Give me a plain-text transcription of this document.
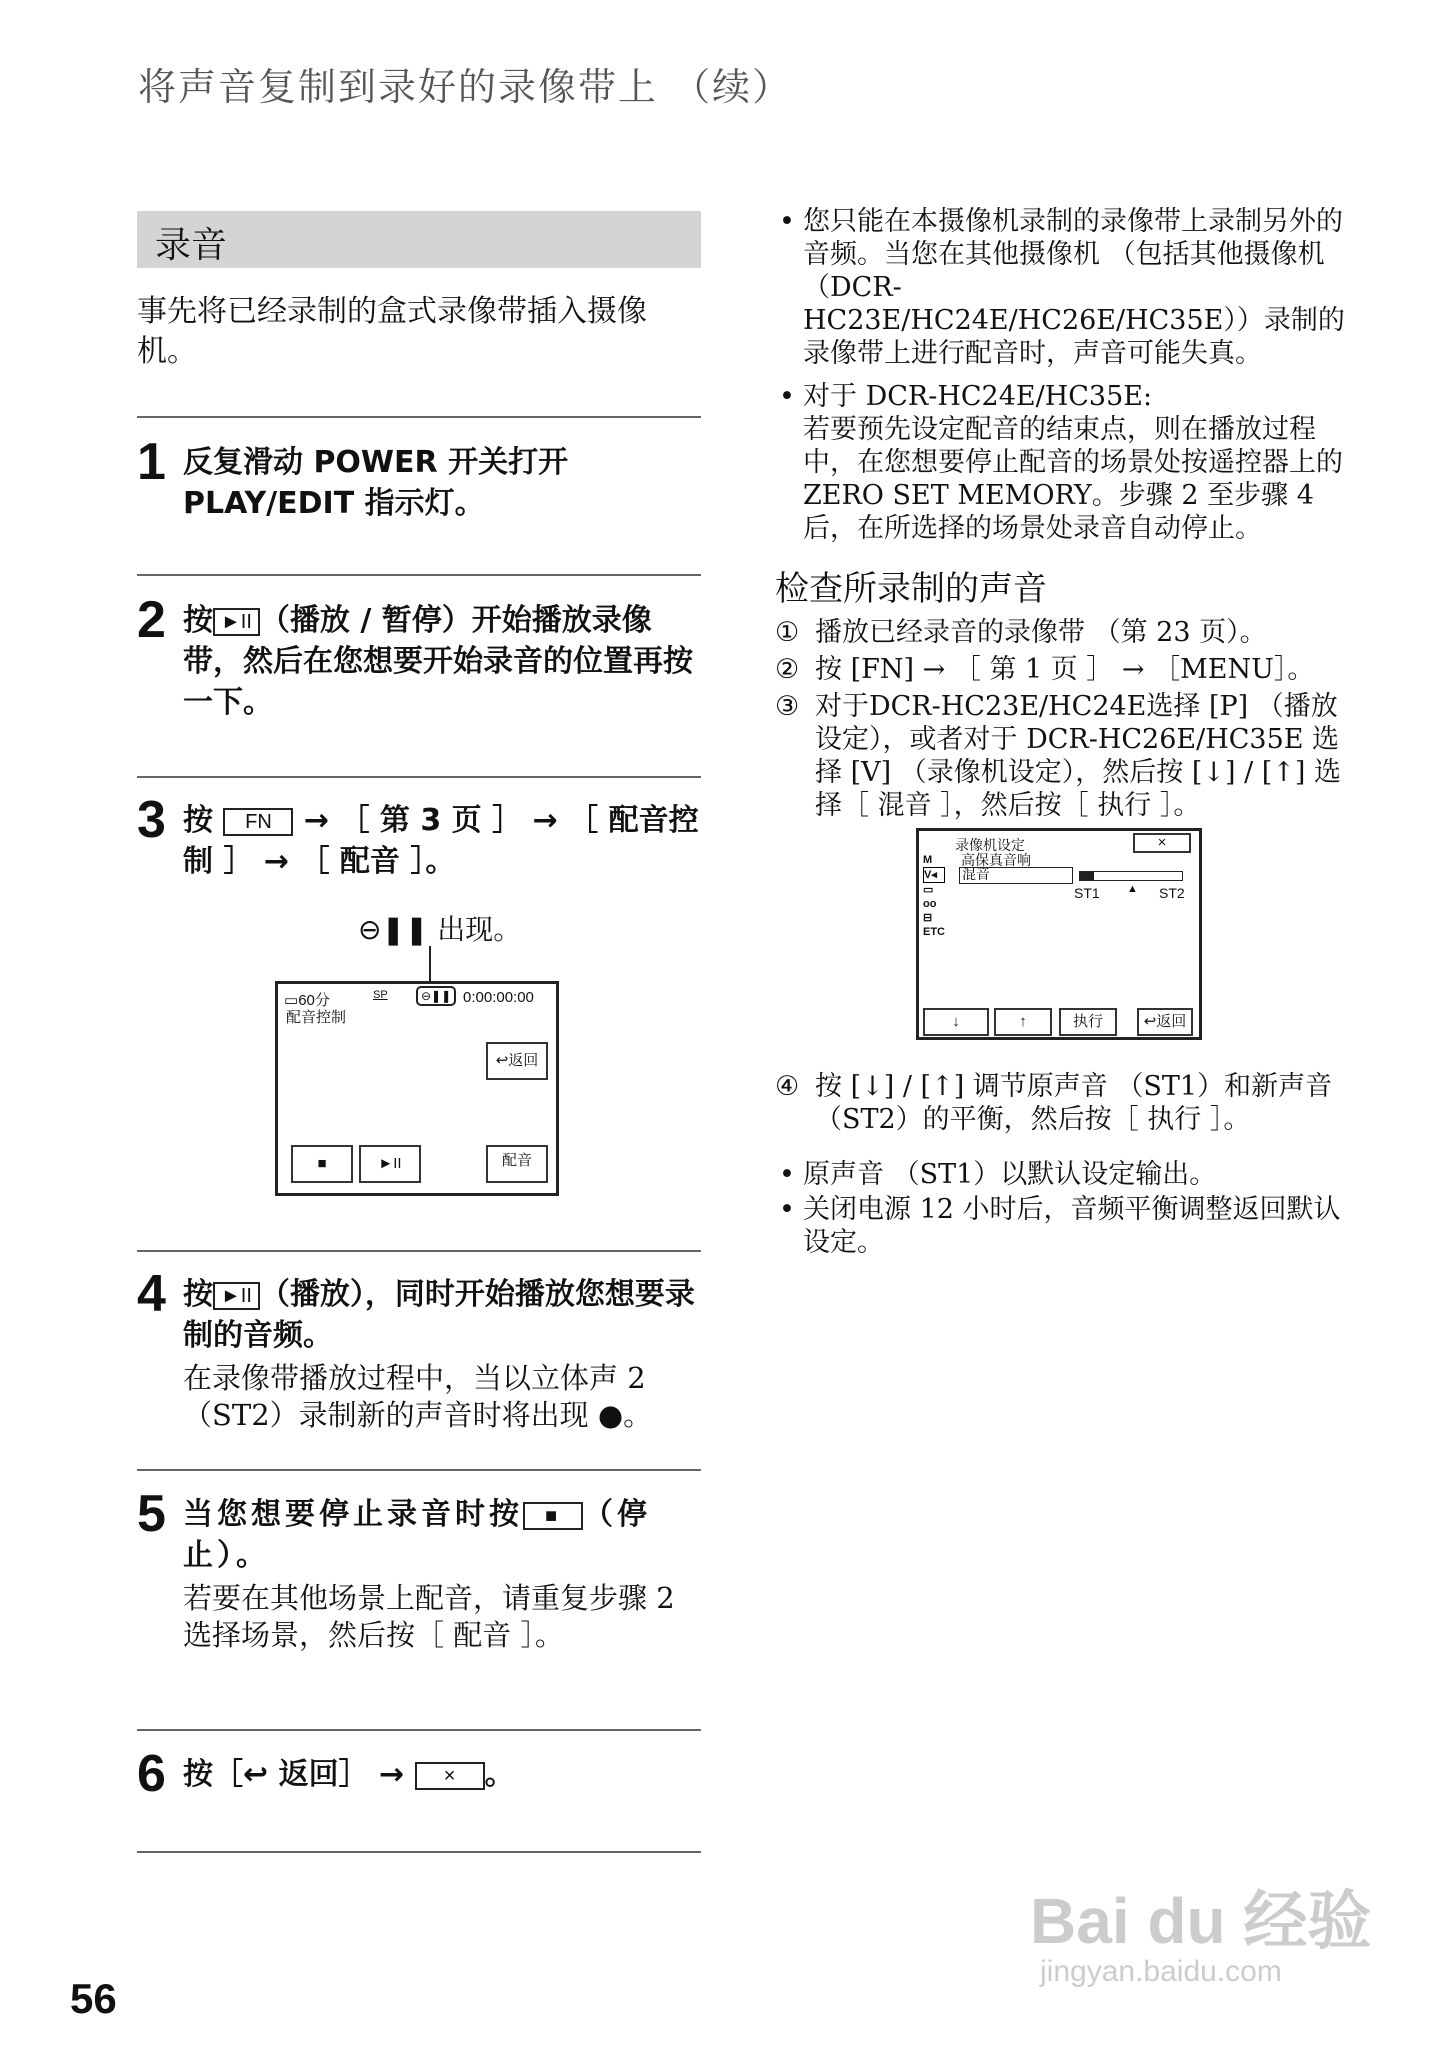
将声音复制到录好的录像带上 （续）
录音
事先将已经录制的盒式录像带插入摄像机。
1 反复滑动 POWER 开关打开 PLAY/EDIT 指示灯。
2 按 ►II （播放 / 暂停）开始播放录像带，然后在您想要开始录音的位置再按一下。
3 按 FN → ［ 第 3 页 ］ → ［ 配音控制 ］ → ［ 配音 ］。
⊖❚❚ 出现。
▭60分	SP	⊖❚❚ 0:00:00:00
配音控制
↩返回
■	►II	配音
4 按 ►II （播放），同时开始播放您想要录制的音频。
在录像带播放过程中，当以立体声 2（ST2）录制新的声音时将出现 ●。
5 当您想要停止录音时按 ■ （停止）。
若要在其他场景上配音，请重复步骤 2 选择场景，然后按［ 配音 ］。
6 按［↩ 返回］ → × 。
• 您只能在本摄像机录制的录像带上录制另外的音频。当您在其他摄像机 （包括其他摄像机 （DCR-HC23E/HC24E/HC26E/HC35E））录制的录像带上进行配音时，声音可能失真。
• 对于 DCR-HC24E/HC35E:
若要预先设定配音的结束点，则在播放过程中，在您想要停止配音的场景处按遥控器上的 ZERO SET MEMORY。步骤 2 至步骤 4 后，在所选择的场景处录音自动停止。
检查所录制的声音
① 播放已经录音的录像带 （第 23 页）。
② 按 [FN] → ［ 第 1 页 ］ → ［MENU］。
③ 对于DCR-HC23E/HC24E选择 [P] （播放设定），或者对于 DCR-HC26E/HC35E 选择 [V] （录像机设定），然后按 [↓] / [↑] 选择［ 混音 ］，然后按［ 执行 ］。
录像机设定	×
高保真音响
混音
M
V◂
▭
oo
⊟
ETC
ST1 ▲ ST2
↓	↑	执行	↩返回
④ 按 [↓] / [↑] 调节原声音 （ST1）和新声音（ST2）的平衡，然后按［ 执行 ］。
• 原声音 （ST1）以默认设定输出。
• 关闭电源 12 小时后，音频平衡调整返回默认设定。
56
Bai du 经验
jingyan.baidu.com
